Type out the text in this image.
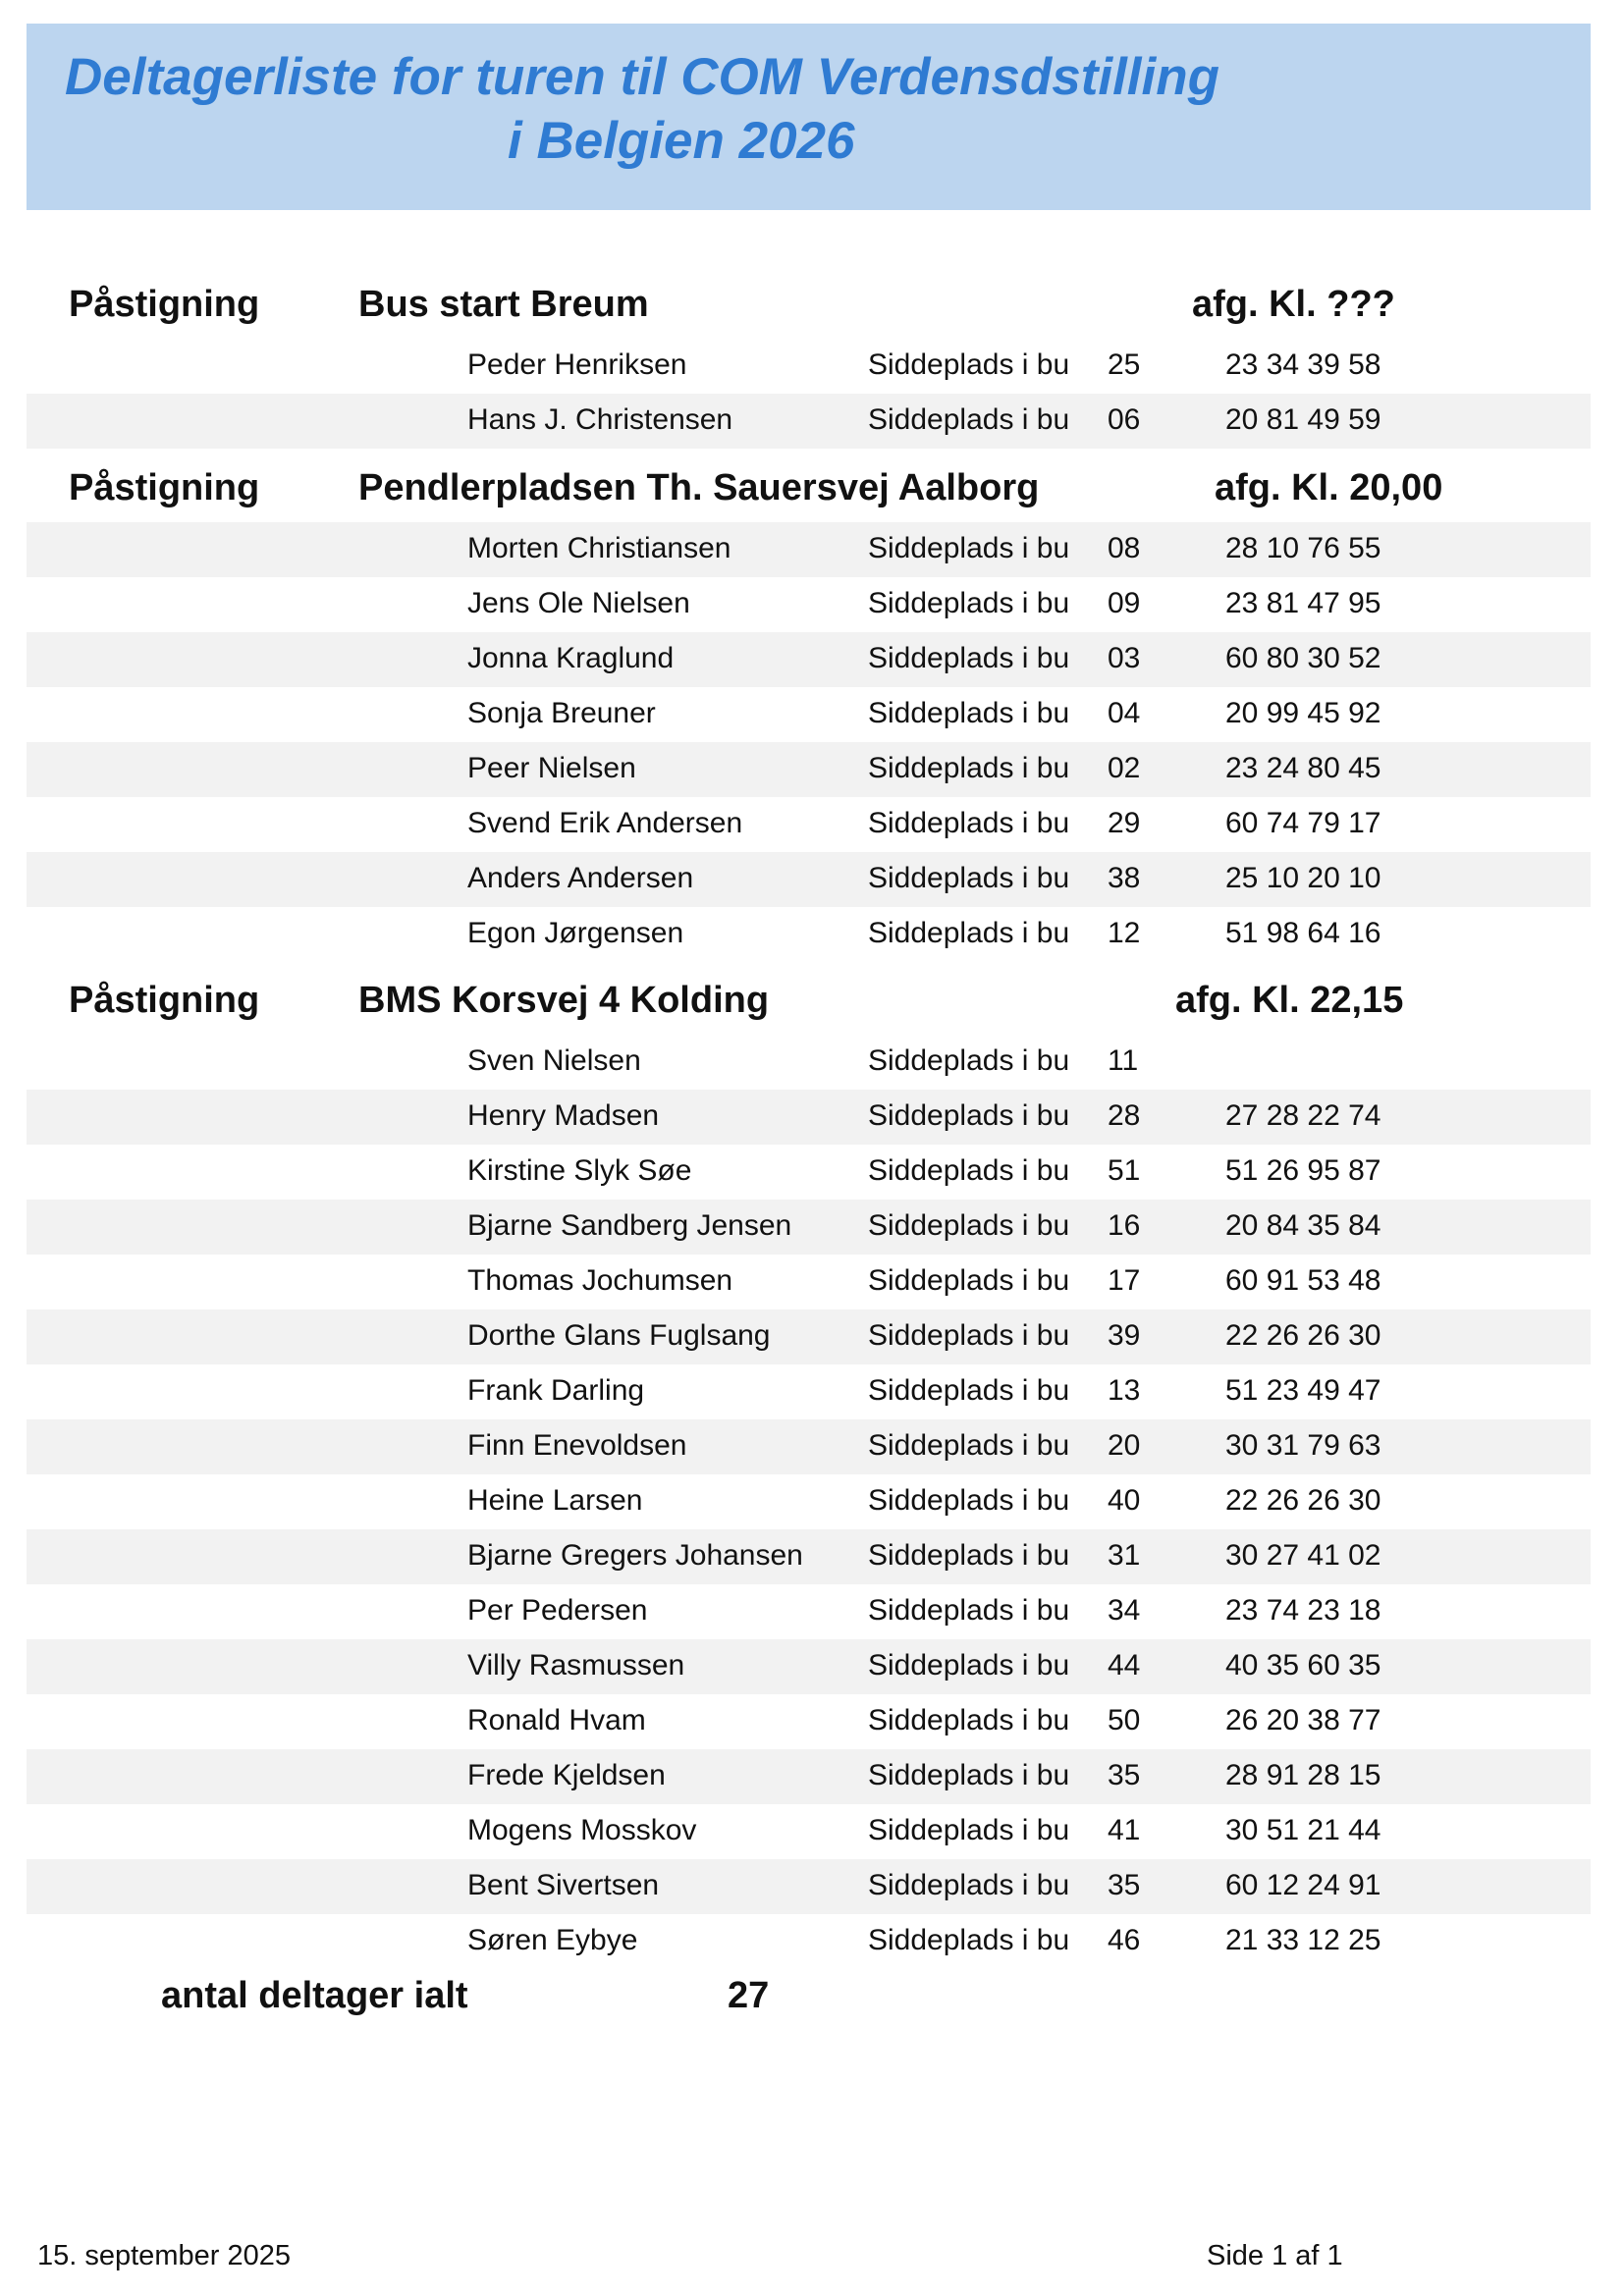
Deltagerliste for turen til COM Verdensdstilling
i Belgien 2026
Påstigning	Bus start Breum	afg. Kl. ???
Peder Henriksen	Siddeplads i bu 25	23 34 39 58
Hans J. Christensen	Siddeplads i bu 06	20 81 49 59
Påstigning	Pendlerpladsen Th. Sauersvej Aalborg	afg. Kl. 20,00
Morten Christiansen	Siddeplads i bu 08	28 10 76 55
Jens Ole Nielsen	Siddeplads i bu 09	23 81 47 95
Jonna Kraglund	Siddeplads i bu 03	60 80 30 52
Sonja Breuner	Siddeplads i bu 04	20 99 45 92
Peer Nielsen	Siddeplads i bu 02	23 24 80 45
Svend Erik Andersen	Siddeplads i bu 29	60 74 79 17
Anders Andersen	Siddeplads i bu 38	25 10 20 10
Egon Jørgensen	Siddeplads i bu 12	51 98 64 16
Påstigning	BMS Korsvej 4 Kolding	afg. Kl. 22,15
Sven Nielsen	Siddeplads i bu 11
Henry Madsen	Siddeplads i bu 28	27 28 22 74
Kirstine Slyk Søe	Siddeplads i bu 51	51 26 95 87
Bjarne Sandberg Jensen	Siddeplads i bu 16	20 84 35 84
Thomas Jochumsen	Siddeplads i bu 17	60 91 53 48
Dorthe Glans Fuglsang	Siddeplads i bu 39	22 26 26 30
Frank Darling	Siddeplads i bu 13	51 23 49 47
Finn Enevoldsen	Siddeplads i bu 20	30 31 79 63
Heine Larsen	Siddeplads i bu 40	22 26 26 30
Bjarne Gregers Johansen Siddeplads i bu 31	30 27 41 02
Per Pedersen	Siddeplads i bu 34	23 74 23 18
Villy Rasmussen	Siddeplads i bu 44	40 35 60 35
Ronald Hvam	Siddeplads i bu 50	26 20 38 77
Frede Kjeldsen	Siddeplads i bu 35	28 91 28 15
Mogens Mosskov	Siddeplads i bu 41	30 51 21 44
Bent Sivertsen	Siddeplads i bu 35	60 12 24 91
Søren Eybye	Siddeplads i bu 46	21 33 12 25
antal deltager ialt	27
15. september 2025	Side 1 af 1
